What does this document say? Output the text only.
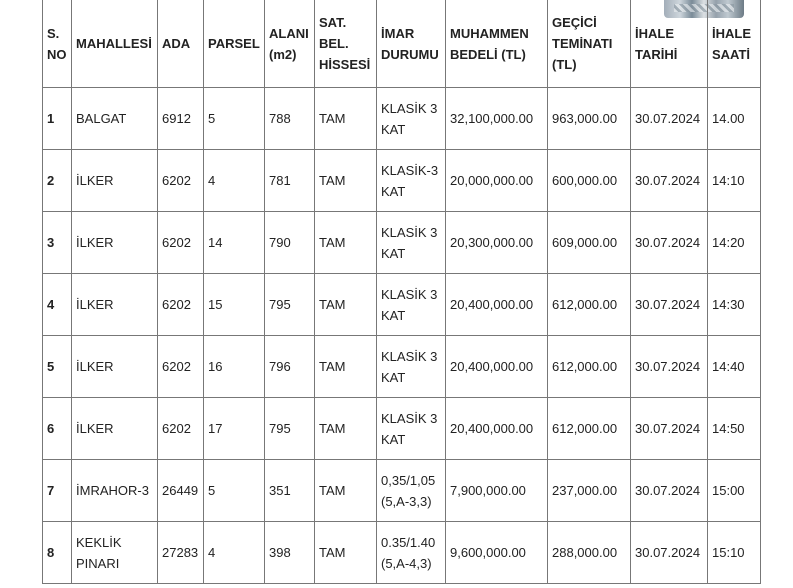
S. NO	MAHALLESİ	ADA	PARSEL	ALANI (m2)	SAT. BEL. HİSSESİ	İMAR DURUMU	MUHAMMEN BEDELİ (TL)	GEÇİCİ TEMİNATI (TL)	İHALE TARİHİ	İHALE SAATİ
1	BALGAT	6912	5	788	TAM	KLASİK 3 KAT	32,100,000.00	963,000.00	30.07.2024	14.00
2	İLKER	6202	4	781	TAM	KLASİK-3 KAT	20,000,000.00	600,000.00	30.07.2024	14:10
3	İLKER	6202	14	790	TAM	KLASİK 3 KAT	20,300,000.00	609,000.00	30.07.2024	14:20
4	İLKER	6202	15	795	TAM	KLASİK 3 KAT	20,400,000.00	612,000.00	30.07.2024	14:30
5	İLKER	6202	16	796	TAM	KLASİK 3 KAT	20,400,000.00	612,000.00	30.07.2024	14:40
6	İLKER	6202	17	795	TAM	KLASİK 3 KAT	20,400,000.00	612,000.00	30.07.2024	14:50
7	İMRAHOR-3	26449	5	351	TAM	0,35/1,05 (5,A-3,3)	7,900,000.00	237,000.00	30.07.2024	15:00
8	KEKLİK PINARI	27283	4	398	TAM	0.35/1.40 (5,A-4,3)	9,600,000.00	288,000.00	30.07.2024	15:10
